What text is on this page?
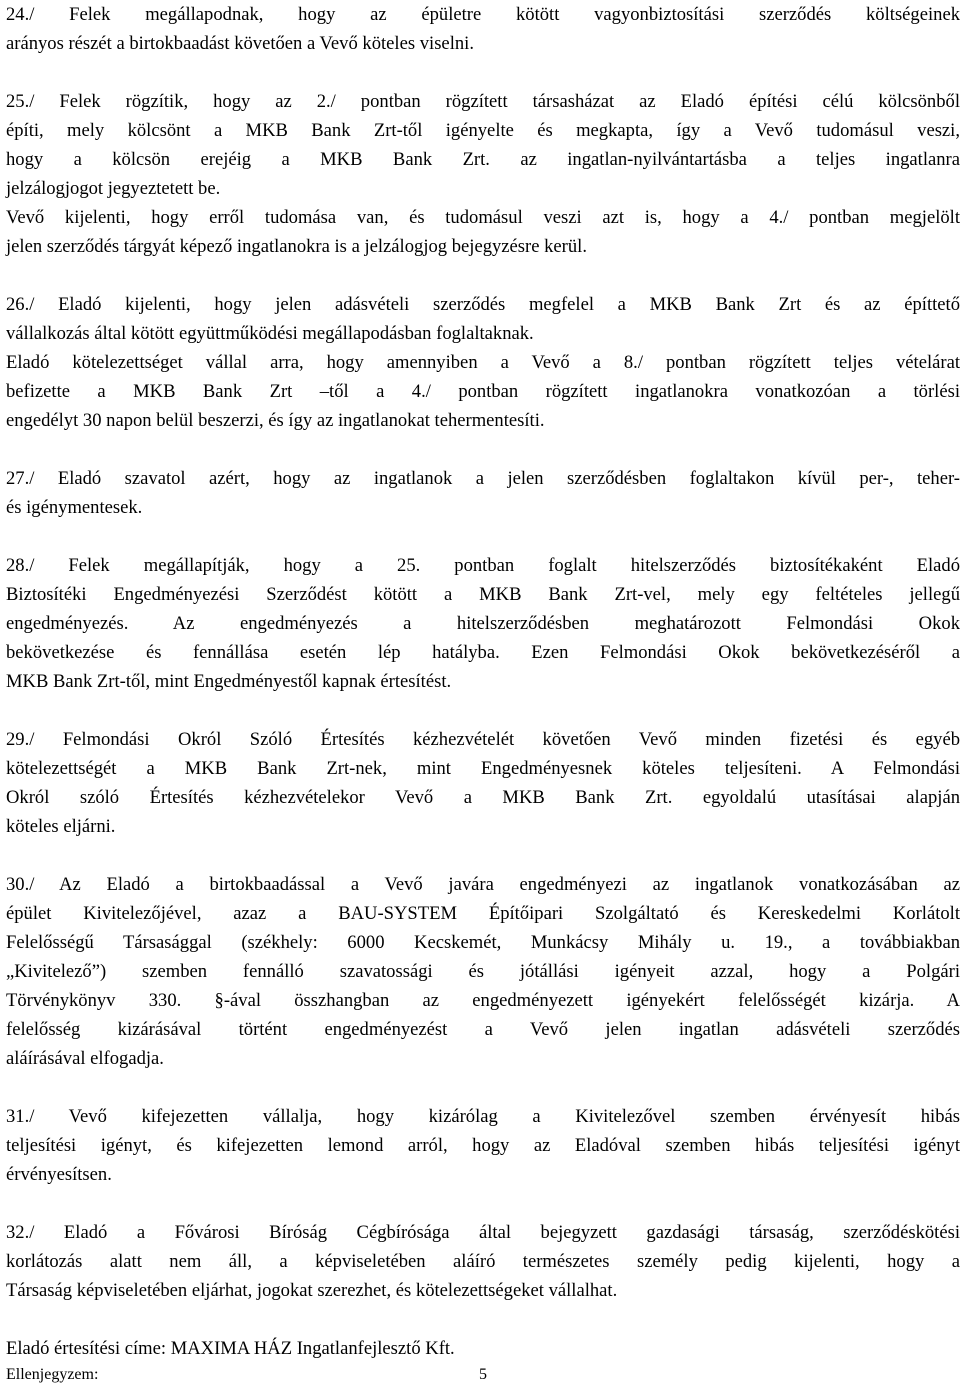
24./ Felek megállapodnak, hogy az épületre kötött vagyonbiztosítási szerződés költségeinek
arányos részét a birtokbaadást követően a Vevő köteles viselni.
25./ Felek rögzítik, hogy az 2./ pontban rögzített társasházat az Eladó építési célú kölcsönből
építi, mely kölcsönt a MKB Bank Zrt-től igényelte és megkapta, így a Vevő tudomásul veszi,
hogy a kölcsön erejéig a MKB Bank Zrt. az ingatlan-nyilvántartásba a teljes ingatlanra
jelzálogjogot jegyeztetett be.
Vevő kijelenti, hogy erről tudomása van, és tudomásul veszi azt is, hogy a 4./ pontban megjelölt
jelen szerződés tárgyát képező ingatlanokra is a jelzálogjog bejegyzésre kerül.
26./ Eladó kijelenti, hogy jelen adásvételi szerződés megfelel a MKB Bank Zrt és az építtető
vállalkozás által kötött együttműködési megállapodásban foglaltaknak.
Eladó kötelezettséget vállal arra, hogy amennyiben a Vevő a 8./ pontban rögzített teljes vételárat
befizette a MKB Bank Zrt –től a 4./ pontban rögzített ingatlanokra vonatkozóan a törlési
engedélyt 30 napon belül beszerzi, és így az ingatlanokat tehermentesíti.
27./ Eladó szavatol azért, hogy az ingatlanok a jelen szerződésben foglaltakon kívül per-, teher-
és igénymentesek.
28./ Felek megállapítják, hogy a 25. pontban foglalt hitelszerződés biztosítékaként Eladó
Biztosítéki Engedményezési Szerződést kötött a MKB Bank Zrt-vel, mely egy feltételes jellegű
engedményezés. Az engedményezés a hitelszerződésben meghatározott Felmondási Okok
bekövetkezése és fennállása esetén lép hatályba. Ezen Felmondási Okok bekövetkezéséről a
MKB Bank Zrt-től, mint Engedményestől kapnak értesítést.
29./ Felmondási Okról Szóló Értesítés kézhezvételét követően Vevő minden fizetési és egyéb
kötelezettségét a MKB Bank Zrt-nek, mint Engedményesnek köteles teljesíteni. A Felmondási
Okról szóló Értesítés kézhezvételekor Vevő a MKB Bank Zrt. egyoldalú utasításai alapján
köteles eljárni.
30./ Az Eladó a birtokbaadással a Vevő javára engedményezi az ingatlanok vonatkozásában az
épület Kivitelezőjével, azaz a BAU-SYSTEM Építőipari Szolgáltató és Kereskedelmi Korlátolt
Felelősségű Társasággal (székhely: 6000 Kecskemét, Munkácsy Mihály u. 19., a továbbiakban
„Kivitelező”) szemben fennálló szavatossági és jótállási igényeit azzal, hogy a Polgári
Törvénykönyv 330. §-ával összhangban az engedményezett igényekért felelősségét kizárja. A
felelősség kizárásával történt engedményezést a Vevő jelen ingatlan adásvételi szerződés
aláírásával elfogadja.
31./ Vevő kifejezetten vállalja, hogy kizárólag a Kivitelezővel szemben érvényesít hibás
teljesítési igényt, és kifejezetten lemond arról, hogy az Eladóval szemben hibás teljesítési igényt
érvényesítsen.
32./ Eladó a Fővárosi Bíróság Cégbírósága által bejegyzett gazdasági társaság, szerződéskötési
korlátozás alatt nem áll, a képviseletében aláíró természetes személy pedig kijelenti, hogy a
Társaság képviseletében eljárhat, jogokat szerezhet, és kötelezettségeket vállalhat.
Eladó értesítési címe: MAXIMA HÁZ Ingatlanfejlesztő Kft.
Ellenjegyzem:	5
